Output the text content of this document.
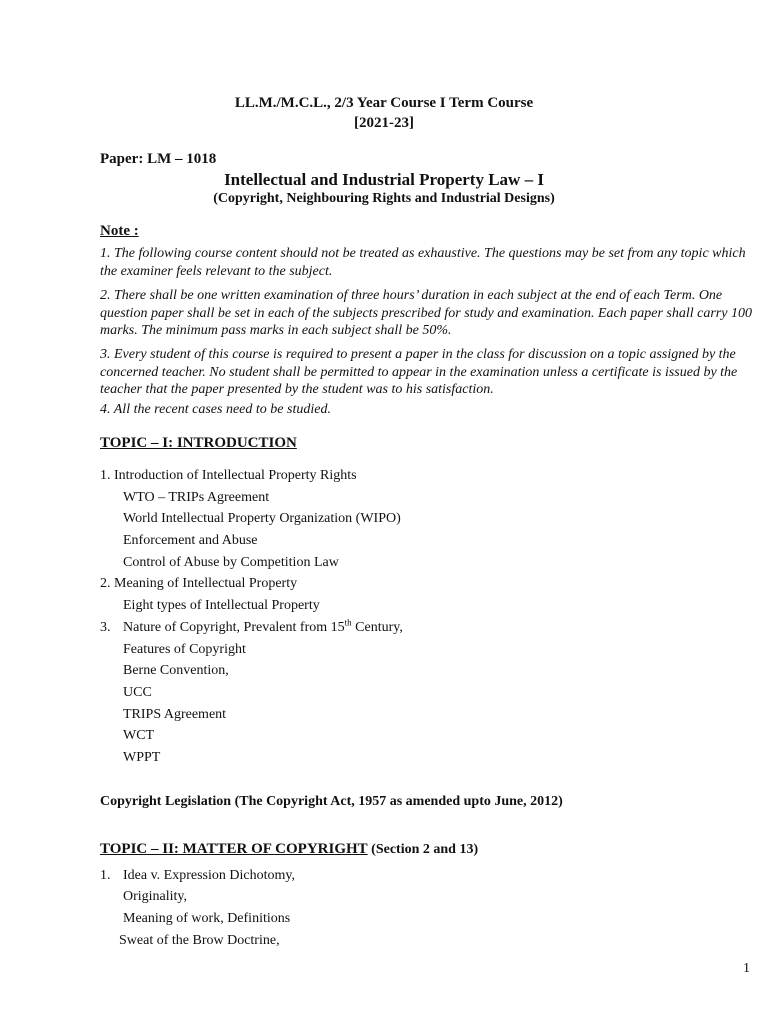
LL.M./M.C.L., 2/3 Year Course I Term Course
[2021-23]
Paper: LM – 1018
Intellectual and Industrial Property Law – I
(Copyright, Neighbouring Rights and Industrial Designs)
Note :
1. The following course content should not be treated as exhaustive. The questions may be set from any topic which the examiner feels relevant to the subject.
2. There shall be one written examination of three hours’ duration in each subject at the end of each Term. One question paper shall be set in each of the subjects prescribed for study and examination. Each paper shall carry 100 marks. The minimum pass marks in each subject shall be 50%.
3. Every student of this course is required to present a paper in the class for discussion on a topic assigned by the concerned teacher. No student shall be permitted to appear in the examination unless a certificate is issued by the teacher that the paper presented by the student was to his satisfaction.
4. All the recent cases need to be studied.
TOPIC – I: INTRODUCTION
1. Introduction of Intellectual Property Rights
WTO – TRIPs Agreement
World Intellectual Property Organization (WIPO)
Enforcement and Abuse
Control of Abuse by Competition Law
2. Meaning of Intellectual Property
Eight types of Intellectual Property
3. Nature of Copyright, Prevalent from 15th Century,
Features of Copyright
Berne Convention,
UCC
TRIPS Agreement
WCT
WPPT
Copyright Legislation (The Copyright Act, 1957 as amended upto June, 2012)
TOPIC – II: MATTER OF COPYRIGHT (Section 2 and 13)
1. Idea v. Expression Dichotomy,
Originality,
Meaning of work, Definitions
Sweat of the Brow Doctrine,
1
